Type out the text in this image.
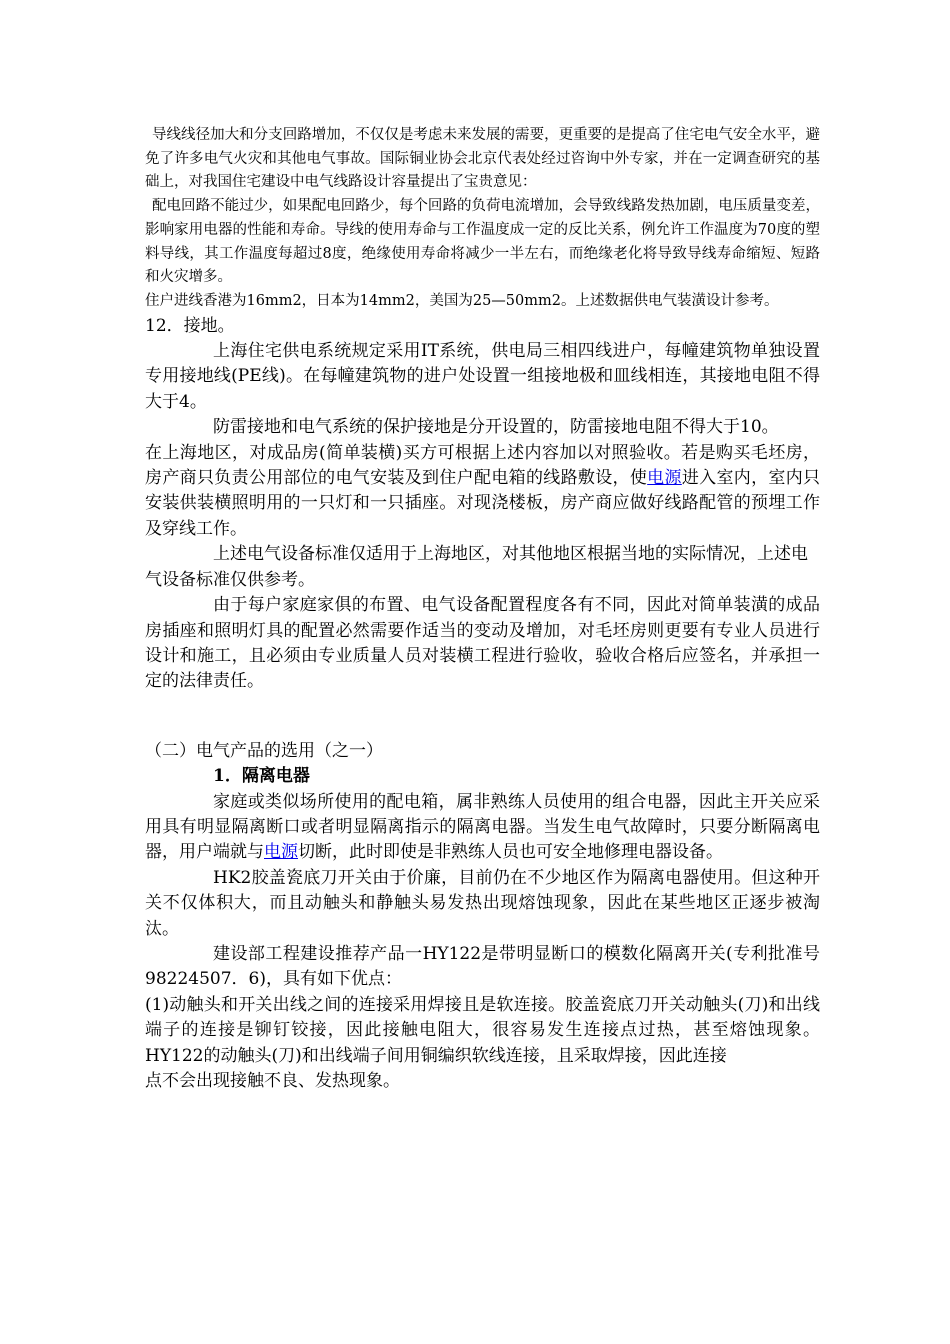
导线线径加大和分支回路增加，不仅仅是考虑未来发展的需要，更重要的是提高了住宅电气安全水平，避免了许多电气火灾和其他电气事故。国际铜业协会北京代表处经过咨询中外专家，并在一定调查研究的基础上，对我国住宅建设中电气线路设计容量提出了宝贵意见：

配电回路不能过少，如果配电回路少，每个回路的负荷电流增加，会导致线路发热加剧，电压质量变差，影响家用电器的性能和寿命。导线的使用寿命与工作温度成一定的反比关系，例允许工作温度为70度的塑料导线，其工作温度每超过8度，绝缘使用寿命将减少一半左右，而绝缘老化将导致导线寿命缩短、短路和火灾增多。

住户进线香港为16mm2，日本为14mm2，美国为25—50mm2。上述数据供电气装潢设计参考。

12．接地。

上海住宅供电系统规定采用IT系统，供电局三相四线进户，每幢建筑物单独设置专用接地线(PE线)。在每幢建筑物的进户处设置一组接地极和皿线相连，其接地电阻不得大于4。

防雷接地和电气系统的保护接地是分开设置的，防雷接地电阻不得大于10。

在上海地区，对成品房(简单装横)买方可根据上述内容加以对照验收。若是购买毛坯房，房产商只负责公用部位的电气安装及到住户配电箱的线路敷设，使电源进入室内，室内只安装供装横照明用的一只灯和一只插座。对现浇楼板，房产商应做好线路配管的预埋工作及穿线工作。

上述电气设备标准仅适用于上海地区，对其他地区根据当地的实际情况，上述电气设备标准仅供参考。

由于每户家庭家俱的布置、电气设备配置程度各有不同，因此对简单装潢的成品房插座和照明灯具的配置必然需要作适当的变动及增加，对毛坯房则更要有专业人员进行设计和施工，且必须由专业质量人员对装横工程进行验收，验收合格后应签名，并承担一定的法律责任。

（二）电气产品的选用（之一）

1．隔离电器

家庭或类似场所使用的配电箱，属非熟练人员使用的组合电器，因此主开关应采用具有明显隔离断口或者明显隔离指示的隔离电器。当发生电气故障时，只要分断隔离电器，用户端就与电源切断，此时即使是非熟练人员也可安全地修理电器设备。

HK2胶盖瓷底刀开关由于价廉，目前仍在不少地区作为隔离电器使用。但这种开关不仅体积大，而且动触头和静触头易发热出现熔蚀现象，因此在某些地区正逐步被淘汰。

建设部工程建设推荐产品一HY122是带明显断口的模数化隔离开关(专利批准号98224507．6)，具有如下优点：

(1)动触头和开关出线之间的连接采用焊接且是软连接。胶盖瓷底刀开关动触头(刀)和出线端子的连接是铆钉铰接，因此接触电阻大，很容易发生连接点过热，甚至熔蚀现象。HY122的动触头(刀)和出线端子间用铜编织软线连接，且采取焊接，因此连接

点不会出现接触不良、发热现象。
